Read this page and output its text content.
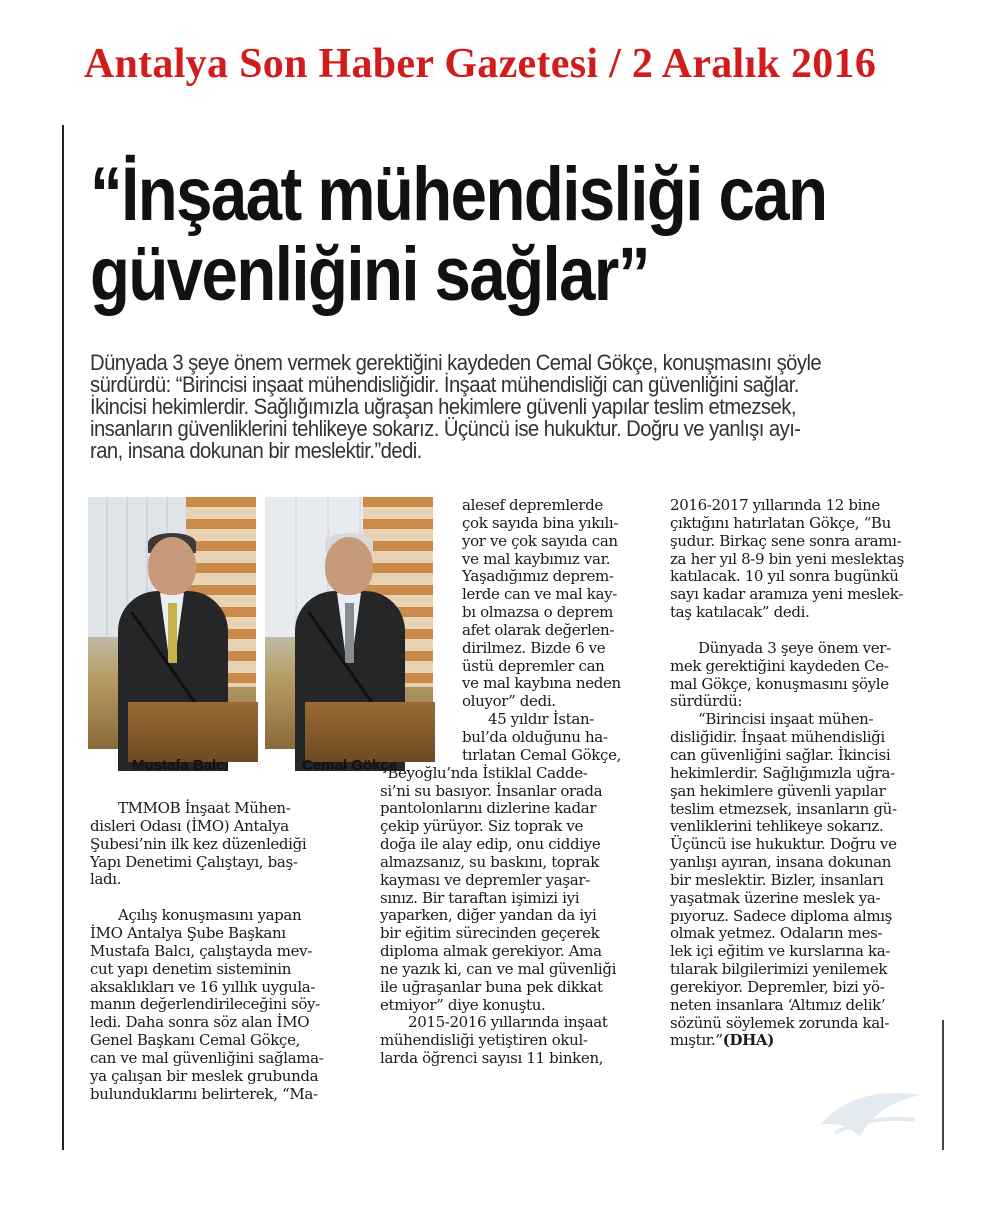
Antalya Son Haber Gazetesi / 2 Aralık 2016
“İnşaat mühendisliği can
güvenliğini sağlar”

Dünyada 3 şeye önem vermek gerektiğini kaydeden Cemal Gökçe, konuşmasını şöyle

sürdürdü: “Birincisi inşaat mühendisliğidir. İnşaat mühendisliği can güvenliğini sağlar.

İkincisi hekimlerdir. Sağlığımızla uğraşan hekimlere güvenli yapılar teslim etmezsek,

insanların güvenliklerini tehlikeye sokarız. Üçüncü ise hukuktur. Doğru ve yanlışı ayı-

ran, insana dokunan bir meslektir.”dedi.

Mustafa Balcı	Cemal Gökçe

TMMOB İnşaat Mühen-

disleri Odası (İMO) Antalya

Şubesi’nin ilk kez düzenlediği

Yapı Denetimi Çalıştayı, baş-

ladı.

Açılış konuşmasını yapan

İMO Antalya Şube Başkanı

Mustafa Balcı, çalıştayda mev-

cut yapı denetim sisteminin

aksaklıkları ve 16 yıllık uygula-

manın değerlendirileceğini söy-

ledi. Daha sonra söz alan İMO

Genel Başkanı Cemal Gökçe,

can ve mal güvenliğini sağlama-

ya çalışan bir meslek grubunda

bulunduklarını belirterek, “Ma-

alesef depremlerde

çok sayıda bina yıkılı-

yor ve çok sayıda can

ve mal kaybımız var.

Yaşadığımız deprem-

lerde can ve mal kay-

bı olmazsa o deprem

afet olarak değerlen-

dirilmez. Bizde 6 ve

üstü depremler can

ve mal kaybına neden

oluyor” dedi.

45 yıldır İstan-

bul’da olduğunu ha-

tırlatan Cemal Gökçe,

“Beyoğlu’nda İstiklal Cadde-

si’ni su basıyor. İnsanlar orada

pantolonlarını dizlerine kadar

çekip yürüyor. Siz toprak ve

doğa ile alay edip, onu ciddiye

almazsanız, su baskını, toprak

kayması ve depremler yaşar-

sınız. Bir taraftan işimizi iyi

yaparken, diğer yandan da iyi

bir eğitim sürecinden geçerek

diploma almak gerekiyor. Ama

ne yazık ki, can ve mal güvenliği

ile uğraşanlar buna pek dikkat

etmiyor” diye konuştu.

2015-2016 yıllarında inşaat

mühendisliği yetiştiren okul-

larda öğrenci sayısı 11 binken,

2016-2017 yıllarında 12 bine

çıktığını hatırlatan Gökçe, “Bu

şudur. Birkaç sene sonra aramı-

za her yıl 8-9 bin yeni meslektaş

katılacak. 10 yıl sonra bugünkü

sayı kadar aramıza yeni meslek-

taş katılacak” dedi.

Dünyada 3 şeye önem ver-

mek gerektiğini kaydeden Ce-

mal Gökçe, konuşmasını şöyle

sürdürdü:

“Birincisi inşaat mühen-

disliğidir. İnşaat mühendisliği

can güvenliğini sağlar. İkincisi

hekimlerdir. Sağlığımızla uğra-

şan hekimlere güvenli yapılar

teslim etmezsek, insanların gü-

venliklerini tehlikeye sokarız.

Üçüncü ise hukuktur. Doğru ve

yanlışı ayıran, insana dokunan

bir meslektir. Bizler, insanları

yaşatmak üzerine meslek ya-

pıyoruz. Sadece diploma almış

olmak yetmez. Odaların mes-

lek içi eğitim ve kurslarına ka-

tılarak bilgilerimizi yenilemek

gerekiyor. Depremler, bizi yö-

neten insanlara ‘Altımız delik’

sözünü söylemek zorunda kal-

mıştır.”(DHA)
